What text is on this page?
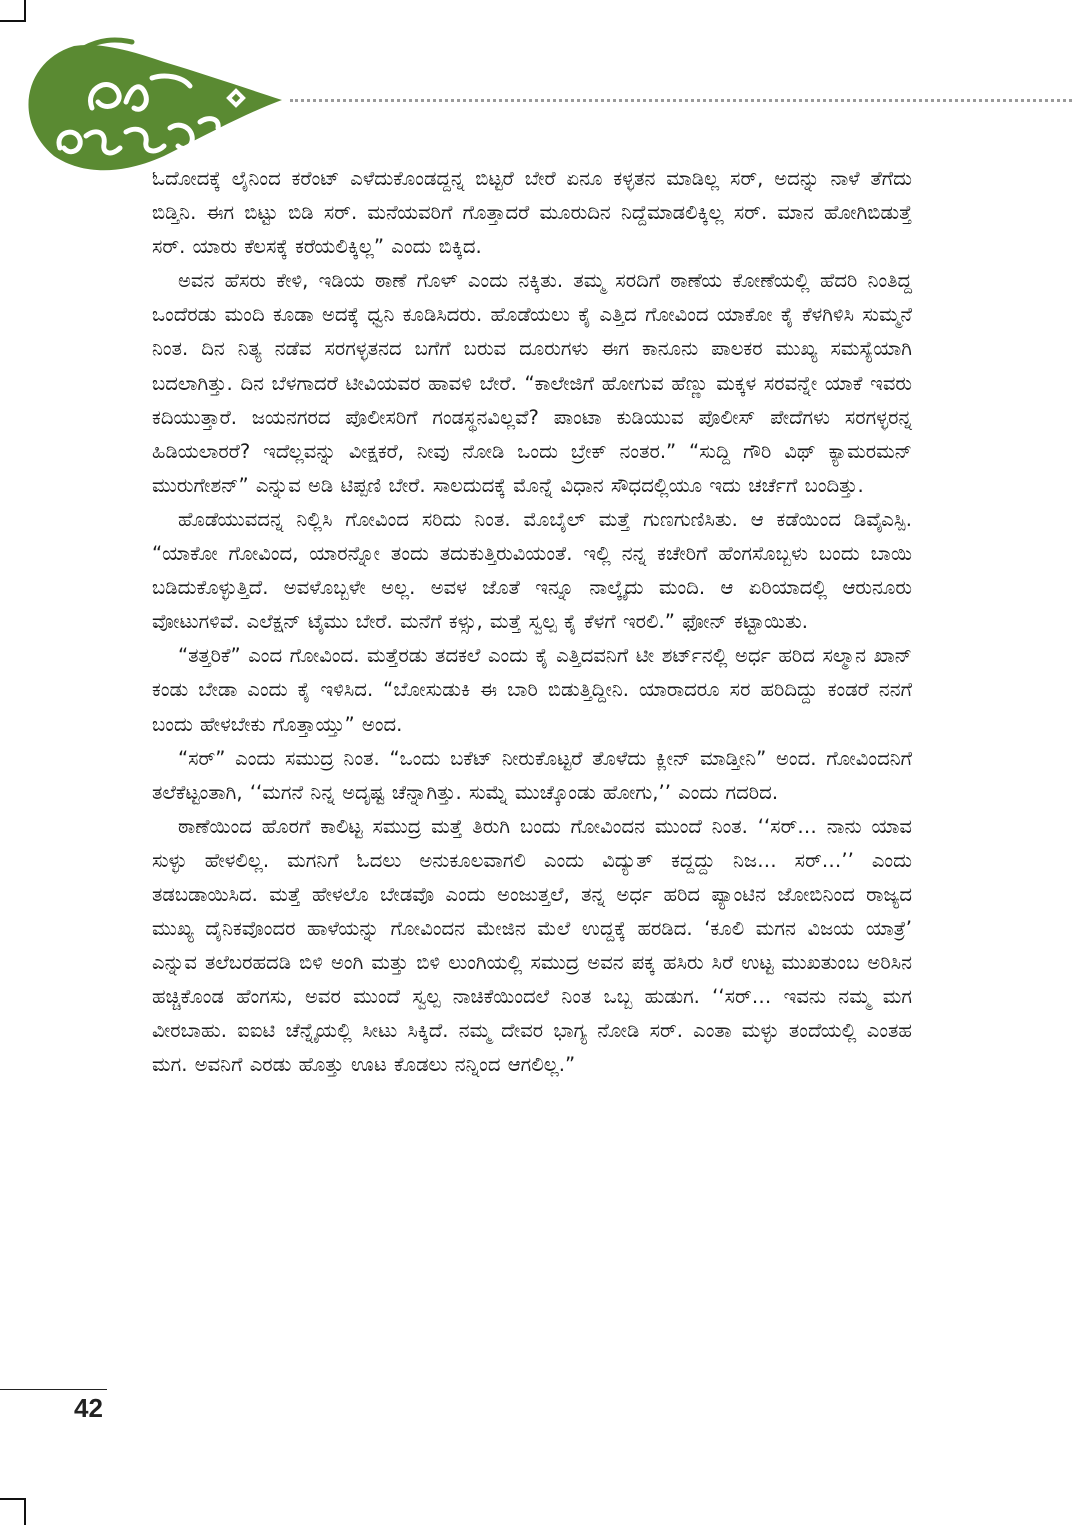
ಓದೋದಕ್ಕೆ ಲೈನಿಂದ ಕರೆಂಟ್ ಎಳೆದುಕೊಂಡದ್ದನ್ನ ಬಿಟ್ಟರೆ ಬೇರೆ ಏನೂ ಕಳ್ಳತನ ಮಾಡಿಲ್ಲ ಸರ್, ಅದನ್ನು ನಾಳೆ ತೆಗೆದು ಬಿಡ್ತಿನಿ. ಈಗ ಬಿಟ್ಟು ಬಿಡಿ ಸರ್. ಮನೆಯವರಿಗೆ ಗೊತ್ತಾದರೆ ಮೂರುದಿನ ನಿದ್ದೆಮಾಡಲಿಕ್ಕಿಲ್ಲ ಸರ್. ಮಾನ ಹೋಗಿಬಿಡುತ್ತೆ ಸರ್. ಯಾರು ಕೆಲಸಕ್ಕೆ ಕರೆಯಲಿಕ್ಕಿಲ್ಲ” ಎಂದು ಬಿಕ್ಕಿದ.

ಅವನ ಹೆಸರು ಕೇಳಿ, ಇಡಿಯ ಠಾಣೆ ಗೊಳ್ ಎಂದು ನಕ್ಕಿತು. ತಮ್ಮ ಸರದಿಗೆ ಠಾಣೆಯ ಕೋಣೆಯಲ್ಲಿ ಹೆದರಿ ನಿಂತಿದ್ದ ಒಂದೆರಡು ಮಂದಿ ಕೂಡಾ ಅದಕ್ಕೆ ಧ್ವನಿ ಕೂಡಿಸಿದರು. ಹೊಡೆಯಲು ಕೈ ಎತ್ತಿದ ಗೋವಿಂದ ಯಾಕೋ ಕೈ ಕೆಳಗಿಳಿಸಿ ಸುಮ್ಮನೆ ನಿಂತ. ದಿನ ನಿತ್ಯ ನಡೆವ ಸರಗಳ್ಳತನದ ಬಗೆಗೆ ಬರುವ ದೂರುಗಳು ಈಗ ಕಾನೂನು ಪಾಲಕರ ಮುಖ್ಯ ಸಮಸ್ಯೆಯಾಗಿ ಬದಲಾಗಿತ್ತು. ದಿನ ಬೆಳಗಾದರೆ ಟೀವಿಯವರ ಹಾವಳಿ ಬೇರೆ. “ಕಾಲೇಜಿಗೆ ಹೋಗುವ ಹೆಣ್ಣು ಮಕ್ಕಳ ಸರವನ್ನೇ ಯಾಕೆ ಇವರು ಕದಿಯುತ್ತಾರೆ. ಜಯನಗರದ ಪೊಲೀಸರಿಗೆ ಗಂಡಸ್ಥನವಿಲ್ಲವೆ? ಪಾಂಟಾ ಕುಡಿಯುವ ಪೊಲೀಸ್ ಪೇದೆಗಳು ಸರಗಳ್ಳರನ್ನ ಹಿಡಿಯಲಾರರೆ? ಇದೆಲ್ಲವನ್ನು ವೀಕ್ಷಕರೆ, ನೀವು ನೋಡಿ ಒಂದು ಬ್ರೇಕ್ ನಂತರ.” “ಸುದ್ದಿ ಗೌರಿ ವಿಥ್ ಕ್ಯಾಮರಮನ್ ಮುರುಗೇಶನ್” ಎನ್ನುವ ಅಡಿ ಟಿಪ್ಪಣಿ ಬೇರೆ. ಸಾಲದುದಕ್ಕೆ ಮೊನ್ನೆ ವಿಧಾನ ಸೌಧದಲ್ಲಿಯೂ ಇದು ಚರ್ಚೆಗೆ ಬಂದಿತ್ತು.

ಹೊಡೆಯುವದನ್ನ ನಿಲ್ಲಿಸಿ ಗೋವಿಂದ ಸರಿದು ನಿಂತ. ಮೊಬೈಲ್ ಮತ್ತೆ ಗುಣಗುಣಿಸಿತು. ಆ ಕಡೆಯಿಂದ ಡಿವೈಎಸ್ಪಿ. “ಯಾಕೋ ಗೋವಿಂದ, ಯಾರನ್ನೋ ತಂದು ತದುಕುತ್ತಿರುವಿಯಂತೆ. ಇಲ್ಲಿ ನನ್ನ ಕಚೇರಿಗೆ ಹೆಂಗಸೊಬ್ಬಳು ಬಂದು ಬಾಯಿ ಬಡಿದುಕೊಳ್ಳುತ್ತಿದೆ. ಅವಳೊಬ್ಬಳೇ ಅಲ್ಲ. ಅವಳ ಜೊತೆ ಇನ್ನೂ ನಾಲ್ಕೈದು ಮಂದಿ. ಆ ಏರಿಯಾದಲ್ಲಿ ಆರುನೂರು ವೋಟುಗಳಿವೆ. ಎಲೆಕ್ಷನ್ ಟೈಮು ಬೇರೆ. ಮನೆಗೆ ಕಳ್ಸು, ಮತ್ತೆ ಸ್ವಲ್ಪ ಕೈ ಕೆಳಗೆ ಇರಲಿ.” ಫೋನ್ ಕಟ್ಟಾಯಿತು.

“ತತ್ತರಿಕೆ” ಎಂದ ಗೋವಿಂದ. ಮತ್ತೆರಡು ತದಕಲೆ ಎಂದು ಕೈ ಎತ್ತಿದವನಿಗೆ ಟೀ ಶರ್ಟ್‌ನಲ್ಲಿ ಅರ್ಧ ಹರಿದ ಸಲ್ಮಾನ ಖಾನ್ ಕಂಡು ಬೇಡಾ ಎಂದು ಕೈ ಇಳಿಸಿದ. “ಬೋಸುಡುಕಿ ಈ ಬಾರಿ ಬಿಡುತ್ತಿದ್ದೀನಿ. ಯಾರಾದರೂ ಸರ ಹರಿದಿದ್ದು ಕಂಡರೆ ನನಗೆ ಬಂದು ಹೇಳಬೇಕು ಗೊತ್ತಾಯ್ತು” ಅಂದ.

“ಸರ್” ಎಂದು ಸಮುದ್ರ ನಿಂತ. “ಒಂದು ಬಕೆಟ್ ನೀರುಕೊಟ್ಟರೆ ತೊಳೆದು ಕ್ಲೀನ್ ಮಾಡ್ತೀನಿ” ಅಂದ. ಗೋವಿಂದನಿಗೆ ತಲೆಕೆಟ್ಟಂತಾಗಿ, ‘‘ಮಗನೆ ನಿನ್ನ ಅದೃಷ್ಟ ಚೆನ್ನಾಗಿತ್ತು. ಸುಮ್ನೆ ಮುಚ್ಕೊಂಡು ಹೋಗು,’’ ಎಂದು ಗದರಿದ.

ಠಾಣೆಯಿಂದ ಹೊರಗೆ ಕಾಲಿಟ್ಟ ಸಮುದ್ರ ಮತ್ತೆ ತಿರುಗಿ ಬಂದು ಗೋವಿಂದನ ಮುಂದೆ ನಿಂತ. ‘‘ಸರ್… ನಾನು ಯಾವ ಸುಳ್ಳು ಹೇಳಲಿಲ್ಲ. ಮಗನಿಗೆ ಓದಲು ಅನುಕೂಲವಾಗಲಿ ಎಂದು ವಿದ್ಯುತ್ ಕದ್ದದ್ದು ನಿಜ… ಸರ್…’’ ಎಂದು ತಡಬಡಾಯಿಸಿದ. ಮತ್ತೆ ಹೇಳಲೊ ಬೇಡವೊ ಎಂದು ಅಂಜುತ್ತಲೆ, ತನ್ನ ಅರ್ಧ ಹರಿದ ಪ್ಯಾಂಟಿನ ಜೋಬಿನಿಂದ ರಾಜ್ಯದ ಮುಖ್ಯ ದೈನಿಕವೊಂದರ ಹಾಳೆಯನ್ನು ಗೋವಿಂದನ ಮೇಜಿನ ಮೆಲೆ ಉದ್ದಕ್ಕೆ ಹರಡಿದ. ‘ಕೂಲಿ ಮಗನ ವಿಜಯ ಯಾತ್ರೆ’ ಎನ್ನುವ ತಲೆಬರಹದಡಿ ಬಿಳಿ ಅಂಗಿ ಮತ್ತು ಬಿಳಿ ಲುಂಗಿಯಲ್ಲಿ ಸಮುದ್ರ ಅವನ ಪಕ್ಕ ಹಸಿರು ಸಿರೆ ಉಟ್ಟ ಮುಖತುಂಬ ಅರಿಸಿನ ಹಚ್ಚಿಕೊಂಡ ಹೆಂಗಸು, ಅವರ ಮುಂದೆ ಸ್ವಲ್ಪ ನಾಚಿಕೆಯಿಂದಲೆ ನಿಂತ ಒಬ್ಬ ಹುಡುಗ. ‘‘ಸರ್… ಇವನು ನಮ್ಮ ಮಗ ವೀರಬಾಹು. ಐಐಟಿ ಚೆನ್ನೈಯಲ್ಲಿ ಸೀಟು ಸಿಕ್ಕಿದೆ. ನಮ್ಮ ದೇವರ ಭಾಗ್ಯ ನೋಡಿ ಸರ್. ಎಂತಾ ಮಳ್ಳು ತಂದೆಯಲ್ಲಿ ಎಂತಹ ಮಗ. ಅವನಿಗೆ ಎರಡು ಹೊತ್ತು ಊಟ ಕೊಡಲು ನನ್ನಿಂದ ಆಗಲಿಲ್ಲ.”

42
